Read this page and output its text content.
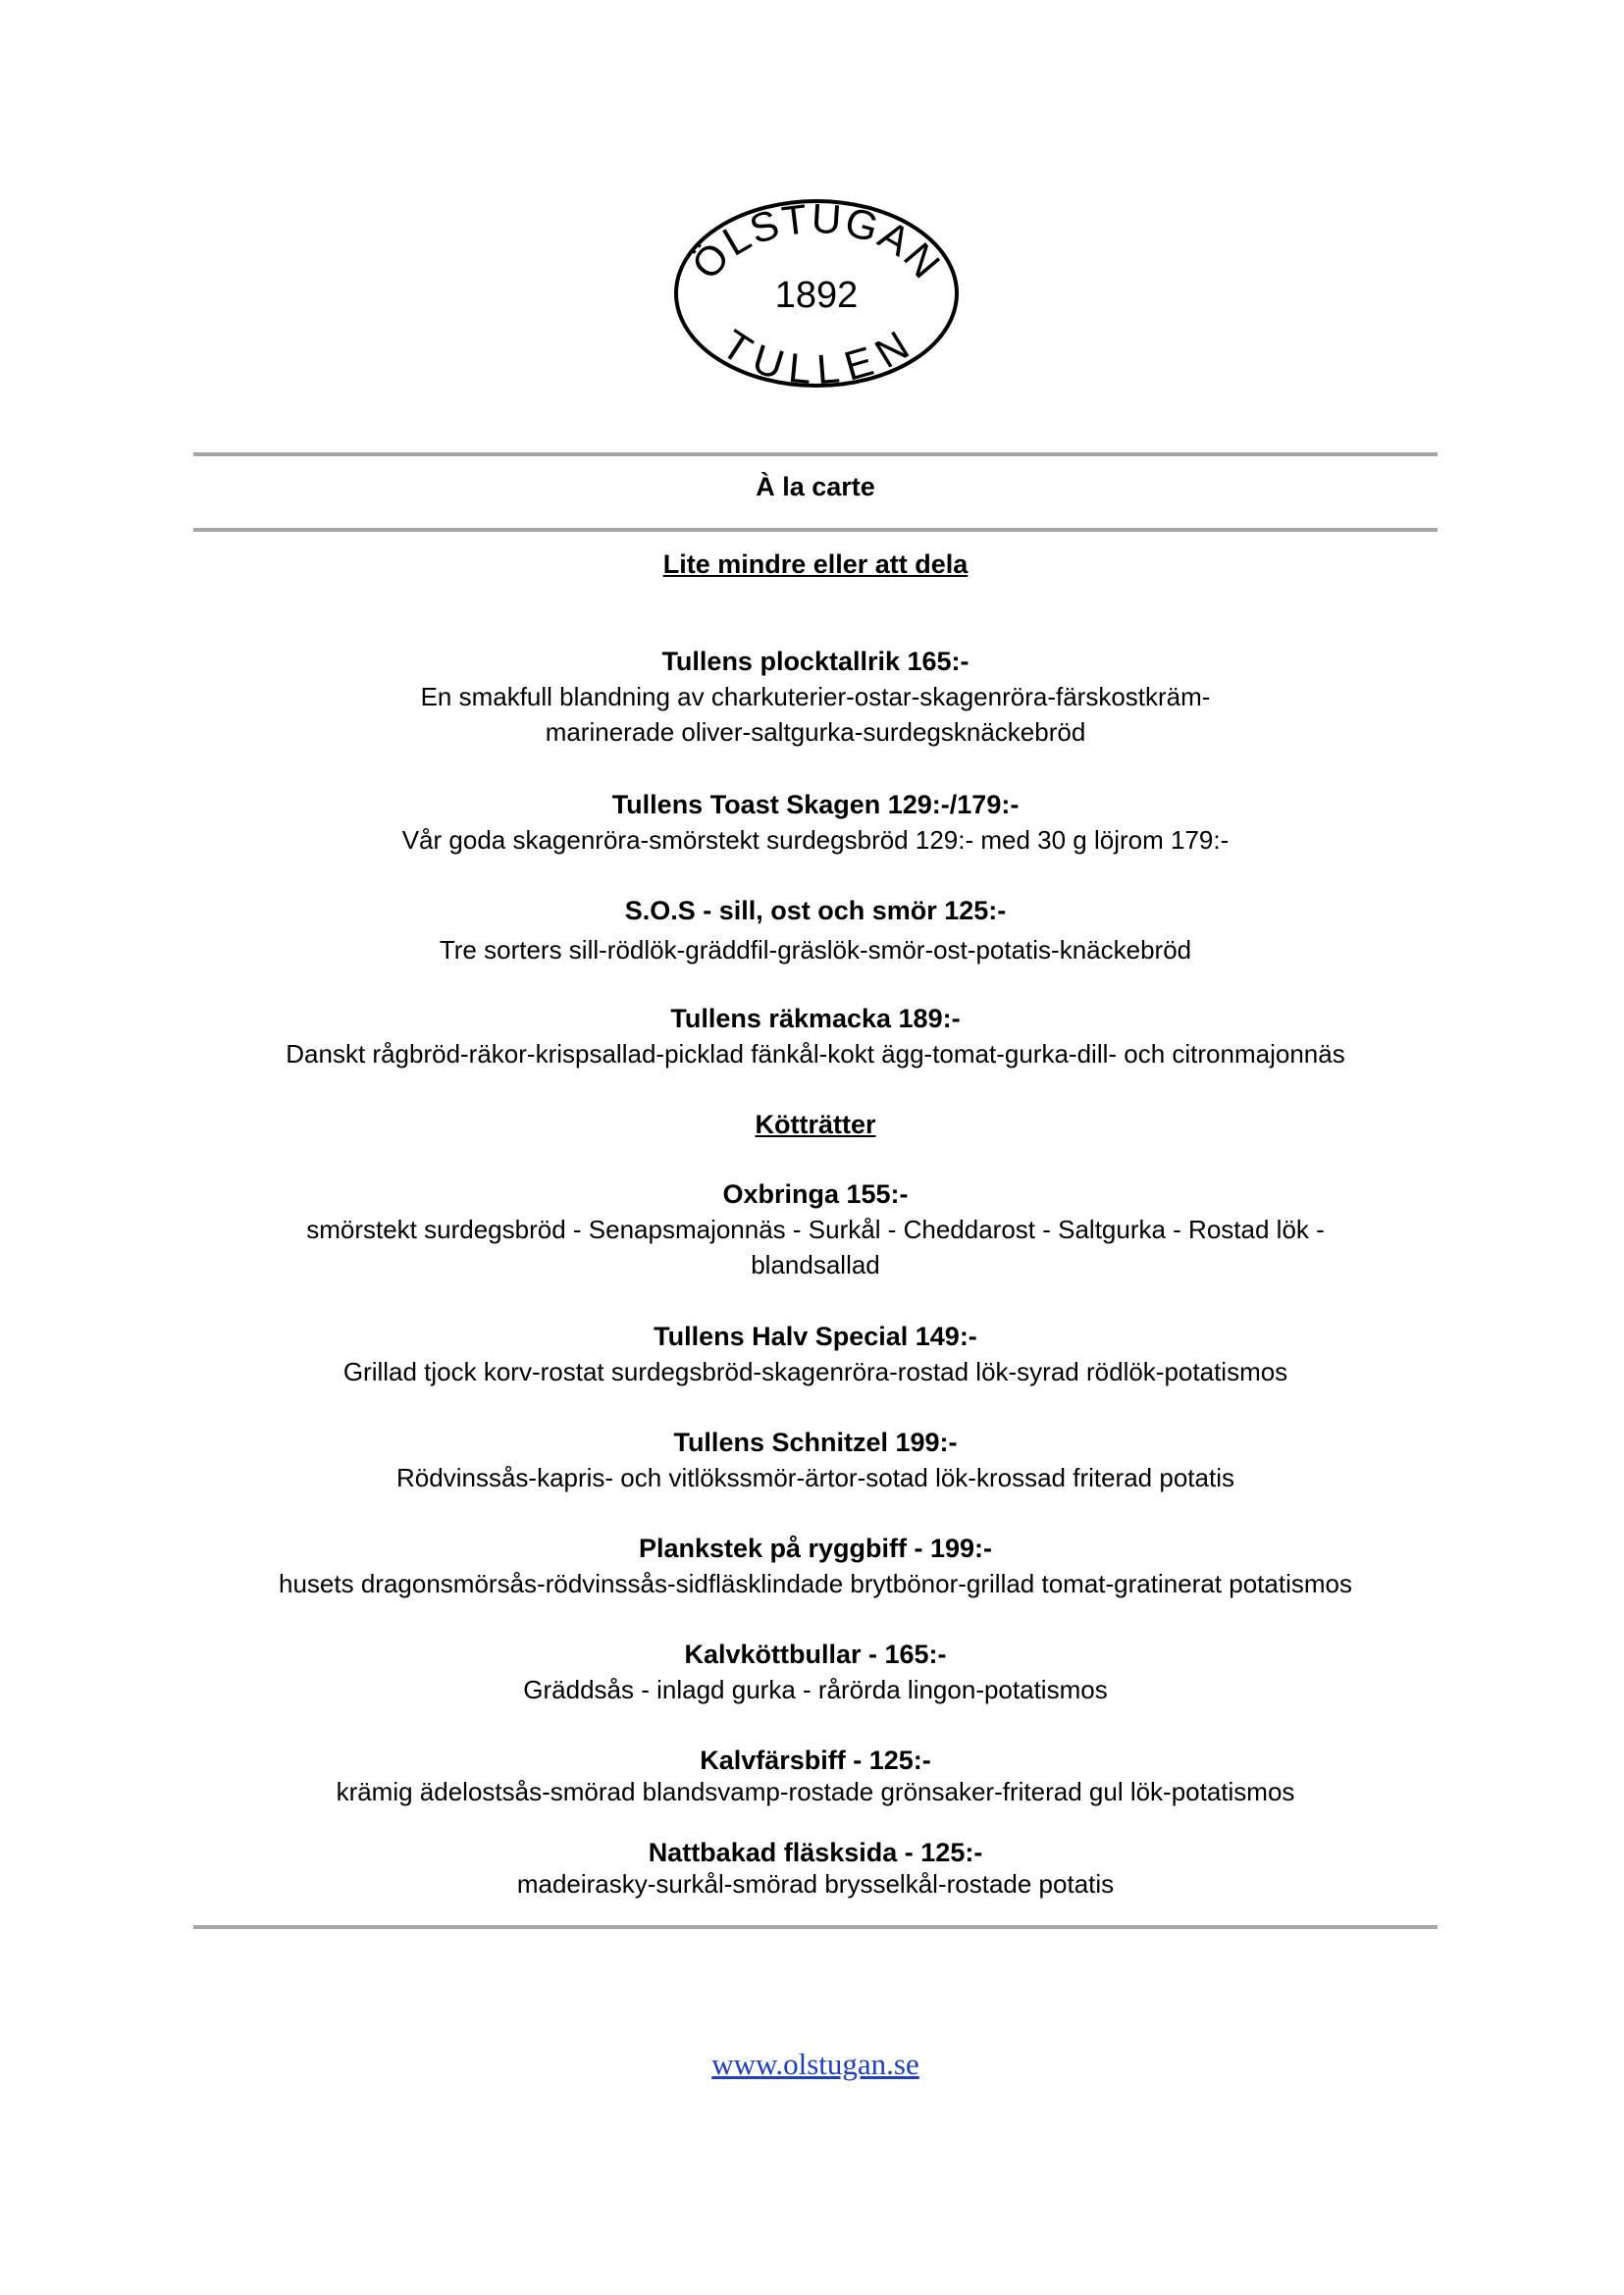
ÖLSTUGAN
1892
TULLEN
À la carte
Lite mindre eller att dela
Tullens plocktallrik 165:-
En smakfull blandning av charkuterier-ostar-skagenröra-färskostkräm-
marinerade oliver-saltgurka-surdegsknäckebröd
Tullens Toast Skagen 129:-/179:-
Vår goda skagenröra-smörstekt surdegsbröd 129:- med 30 g löjrom 179:-
S.O.S - sill, ost och smör 125:-
Tre sorters sill-rödlök-gräddfil-gräslök-smör-ost-potatis-knäckebröd
Tullens räkmacka 189:-
Danskt rågbröd-räkor-krispsallad-picklad fänkål-kokt ägg-tomat-gurka-dill- och citronmajonnäs
Kötträtter
Oxbringa 155:-
smörstekt surdegsbröd - Senapsmajonnäs - Surkål - Cheddarost - Saltgurka - Rostad lök -
blandsallad
Tullens Halv Special 149:-
Grillad tjock korv-rostat surdegsbröd-skagenröra-rostad lök-syrad rödlök-potatismos
Tullens Schnitzel 199:-
Rödvinssås-kapris- och vitlökssmör-ärtor-sotad lök-krossad friterad potatis
Plankstek på ryggbiff - 199:-
husets dragonsmörsås-rödvinssås-sidfläsklindade brytbönor-grillad tomat-gratinerat potatismos
Kalvköttbullar - 165:-
Gräddsås - inlagd gurka - rårörda lingon-potatismos
Kalvfärsbiff - 125:-
krämig ädelostsås-smörad blandsvamp-rostade grönsaker-friterad gul lök-potatismos
Nattbakad fläsksida - 125:-
madeirasky-surkål-smörad brysselkål-rostade potatis
www.olstugan.se
